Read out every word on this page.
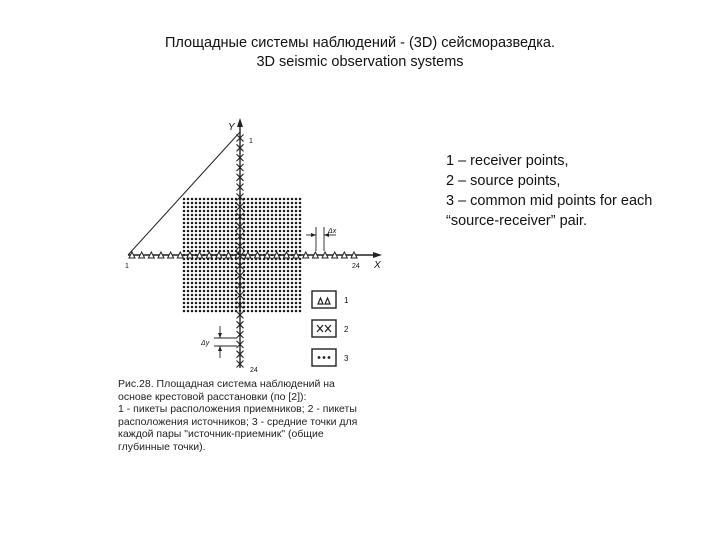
Площадные системы наблюдений - (3D) сейсморазведка.
3D seismic observation systems
Y
X
1
24
1	24
Δx
Δy
1
2
3
1 – receiver points,
2 – source points,
3 – common mid points for each
“source-receiver” pair.
Рис.28. Площадная система наблюдений на
основе крестовой расстановки (по [2]):
1 - пикеты расположения приемников; 2 - пикеты
расположения источников; 3 - средние точки для
каждой пары "источник-приемник" (общие
глубинные точки).
